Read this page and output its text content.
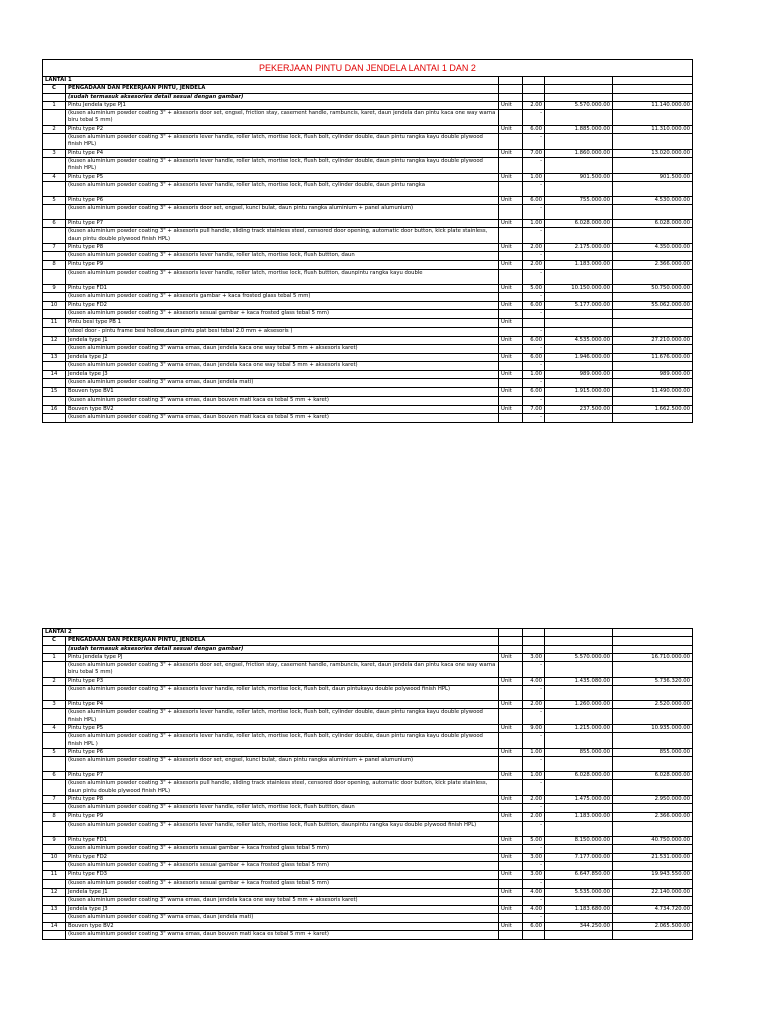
PEKERJAAN PINTU DAN JENDELA LANTAI 1 DAN 2					
LANTAI 1					
C	PENGADAAN DAN PEKERJAAN PINTU, JENDELA				
	(sudah termasuk aksesories detail sesuai dengan gambar)				
1	Pintu Jendela type PJ1	Unit	2.00	5.570.000.00	11.140.000.00
	(kusen aluminium powder coating 3" + aksesoris door set, engsel, friction stay, casement handle, rambuncis, karet, daun jendela dan pintu kaca one way warna biru tebal 5 mm)		-		
2	Pintu type P2	Unit	6.00	1.885.000.00	11.310.000.00
	(kusen aluminium powder coating 3" + aksesoris lever handle, roller latch, mortise lock, flush bolt, cylinder double, daun pintu rangka kayu double plywood finish HPL)		-		
3	Pintu type P4	Unit	7.00	1.860.000.00	13.020.000.00
	(kusen aluminium powder coating 3" + aksesoris lever handle, roller latch, mortise lock, flush bolt, cylinder double, daun pintu rangka kayu double plywood finish HPL)		-		
4	Pintu type P5	Unit	1.00	901.500.00	901.500.00
	(kusen aluminium powder coating 3" + aksesoris lever handle, roller latch, mortise lock, flush bolt, cylinder double, daun pintu rangka		-		
5	Pintu type P6	Unit	6.00	755.000.00	4.530.000.00
	(kusen aluminium powder coating 3" + aksesoris door set, engsel, kunci bulat, daun pintu rangka aluminium + panel alumunium)		-		
6	Pintu type P7	Unit	1.00	6.028.000.00	6.028.000.00
	(kusen aluminium powder coating 3" + aksesoris pull handle, sliding track stainless steel, censored door opening, automatic door button, kick plate stainless, daun pintu double plywood finish HPL)		-		
7	Pintu type P8	Unit	2.00	2.175.000.00	4.350.000.00
	(kusen aluminium powder coating 3" + aksesoris lever handle, roller latch, mortise lock, flush buttton, daun		-		
8	Pintu type P9	Unit	2.00	1.183.000.00	2.366.000.00
	(kusen aluminium powder coating 3" + aksesoris lever handle, roller latch, mortise lock, flush buttton, daunpintu rangka kayu double		-		
9	Pintu type FD1	Unit	5.00	10.150.000.00	50.750.000.00
	(kusen aluminium powder coating 3" + aksesoris gambar + kaca frosted glass tebal 5 mm)		-		
10	Pintu type FD2	Unit	6.00	5.177.000.00	55.062.000.00
	(kusen aluminium powder coating 3" + aksesoris sesuai gambar + kaca frosted glass tebal 5 mm)		-		
11	Pintu besi type PB 1	Unit			
	(steel door - pintu frame besi hollow,daun pintu plat besi tebal 2.0 mm + aksesoris )		-		
12	Jendela type J1	Unit	6.00	4.535.000.00	27.210.000.00
	(kusen aluminium powder coating 3" warna emas, daun jendela kaca one way tebal 5 mm + aksesoris karet)		-		
13	Jendela type J2	Unit	6.00	1.946.000.00	11.676.000.00
	(kusen aluminium powder coating 3" warna emas, daun jendela kaca one way tebal 5 mm + aksesoris karet)		-		
14	Jendela type J3	Unit	1.00	989.000.00	989.000.00
	(kusen aluminium powder coating 3" warna emas, daun jendela mati)		-		
15	Bouven type BV1	Unit	6.00	1.915.000.00	11.490.000.00
	(kusen aluminium powder coating 3" warna emas, daun bouven mati kaca es tebal 5 mm + karet)		-		
16	Bouven type BV2	Unit	7.00	237.500.00	1.662.500.00
	(kusen aluminium powder coating 3" warna emas, daun bouven mati kaca es tebal 5 mm + karet)		-		
LANTAI 2					
C	PENGADAAN DAN PEKERJAAN PINTU, JENDELA				
	(sudah termasuk aksesories detail sesuai dengan gambar)				
1	Pintu Jendela type PJ	Unit	3.00	5.570.000.00	16.710.000.00
	(kusen aluminium powder coating 3" + aksesoris door set, engsel, friction stay, casement handle, rambuncis, karet, daun jendela dan pintu kaca one way warna biru tebal 5 mm)		-		
2	Pintu type P3	Unit	4.00	1.435.080.00	5.736.320.00
	(kusen aluminium powder coating 3" + aksesoris lever handle, roller latch, mortise lock, flush bolt, daun pintukayu double polywood finish HPL)		-		
3	Pintu type P4	Unit	2.00	1.260.000.00	2.520.000.00
	(kusen aluminium powder coating 3" + aksesoris lever handle, roller latch, mortise lock, flush bolt, cylinder double, daun pintu rangka kayu double plywood finish HPL)		-		
4	Pintu type P5	Unit	9.00	1.215.000.00	10.935.000.00
	(kusen aluminium powder coating 3" + aksesoris lever handle, roller latch, mortise lock, flush bolt, cylinder double, daun pintu rangka kayu double plywood finish HPL )		-		
5	Pintu type P6	Unit	1.00	855.000.00	855.000.00
	(kusen aluminium powder coating 3" + aksesoris door set, engsel, kunci bulat, daun pintu rangka aluminium + panel alumunium)		-		
6	Pintu type P7	Unit	1.00	6.028.000.00	6.028.000.00
	(kusen aluminium powder coating 3" + aksesoris pull handle, sliding track stainless steel, censored door opening, automatic door button, kick plate stainless, daun pintu double plywood finish HPL)		-		
7	Pintu type P8	Unit	2.00	1.475.000.00	2.950.000.00
	(kusen aluminium powder coating 3" + aksesoris lever handle, roller latch, mortise lock, flush buttton, daun		-		
8	Pintu type P9	Unit	2.00	1.183.000.00	2.366.000.00
	(kusen aluminium powder coating 3" + aksesoris lever handle, roller latch, mortise lock, flush buttton, daunpintu rangka kayu double plywood finish HPL)		-		
9	Pintu type FD1	Unit	5.00	8.150.000.00	40.750.000.00
	(kusen aluminium powder coating 3" + aksesoris sesuai gambar + kaca frosted glass tebal 5 mm)		-		
10	Pintu type FD2	Unit	3.00	7.177.000.00	21.531.000.00
	(kusen aluminium powder coating 3" + aksesoris sesuai gambar + kaca frosted glass tebal 5 mm)		-		
11	Pintu type FD3	Unit	3.00	6.647.850.00	19.943.550.00
	(kusen aluminium powder coating 3" + aksesoris sesuai gambar + kaca frosted glass tebal 5 mm)		-		
12	Jendela type J1	Unit	4.00	5.535.000.00	22.140.000.00
	(kusen aluminium powder coating 3" warna emas, daun jendela kaca one way tebal 5 mm + aksesoris karet)		-		
13	Jendela type J3	Unit	4.00	1.183.680.00	4.734.720.00
	(kusen aluminium powder coating 3" warna emas, daun jendela mati)		-		
14	Bouven type BV2	Unit	6.00	344.250.00	2.065.500.00
	(kusen aluminium powder coating 3" warna emas, daun bouven mati kaca es tebal 5 mm + karet)				
